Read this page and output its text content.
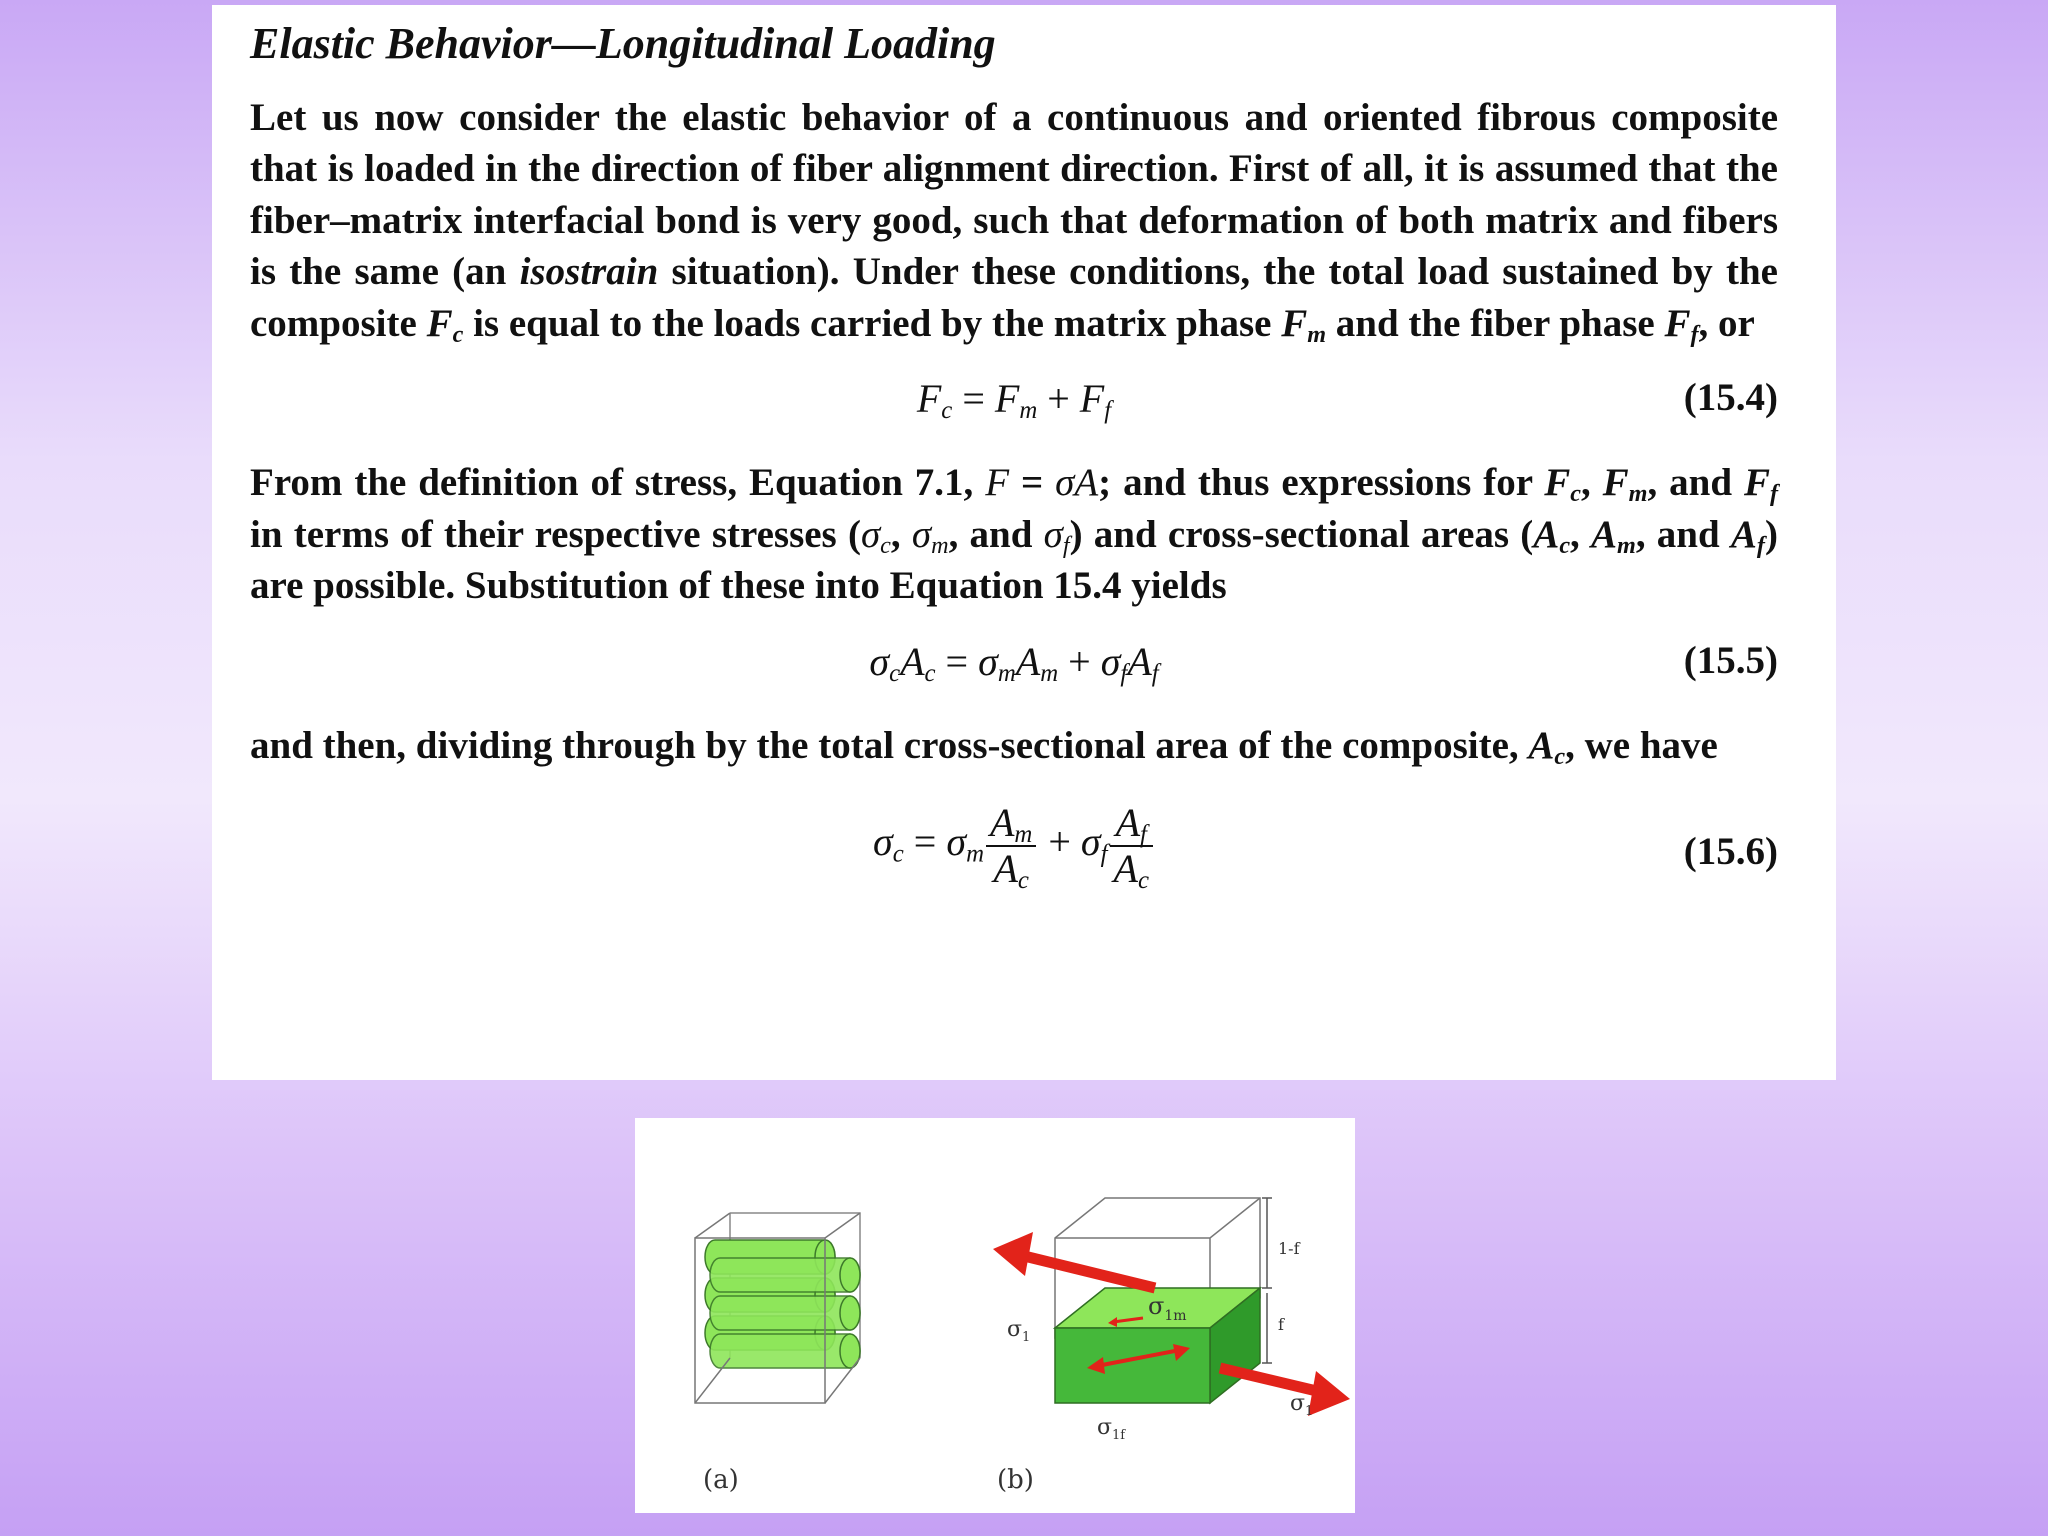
Elastic Behavior—Longitudinal Loading

Let us now consider the elastic behavior of a continuous and oriented fibrous composite that is loaded in the direction of fiber alignment direction. First of all, it is assumed that the fiber–matrix interfacial bond is very good, such that deformation of both matrix and fibers is the same (an isostrain situation). Under these conditions, the total load sustained by the composite $F_c$ is equal to the loads carried by the matrix phase $F_m$ and the fiber phase $F_f$, or

$F_c = F_m + F_f$	(15.4)

From the definition of stress, Equation 7.1, F = σA; and thus expressions for $F_c$, $F_m$, and $F_f$ in terms of their respective stresses ($\sigma_c$, $\sigma_m$, and $\sigma_f$) and cross-sectional areas ($A_c$, $A_m$, and $A_f$) are possible. Substitution of these into Equation 15.4 yields

$\sigma_cA_c = \sigma_mA_m + \sigma_fA_f$	(15.5)

and then, dividing through by the total cross-sectional area of the composite, $A_c$, we have

$\sigma_c = \sigma_m \frac{A_m}{A_c} + \sigma_f \frac{A_f}{A_c}$	(15.6)
(a)
1-f
f
$\sigma_1$
$\sigma_{1m}$
$\sigma_1$
$\sigma_{1f}$
(b)
